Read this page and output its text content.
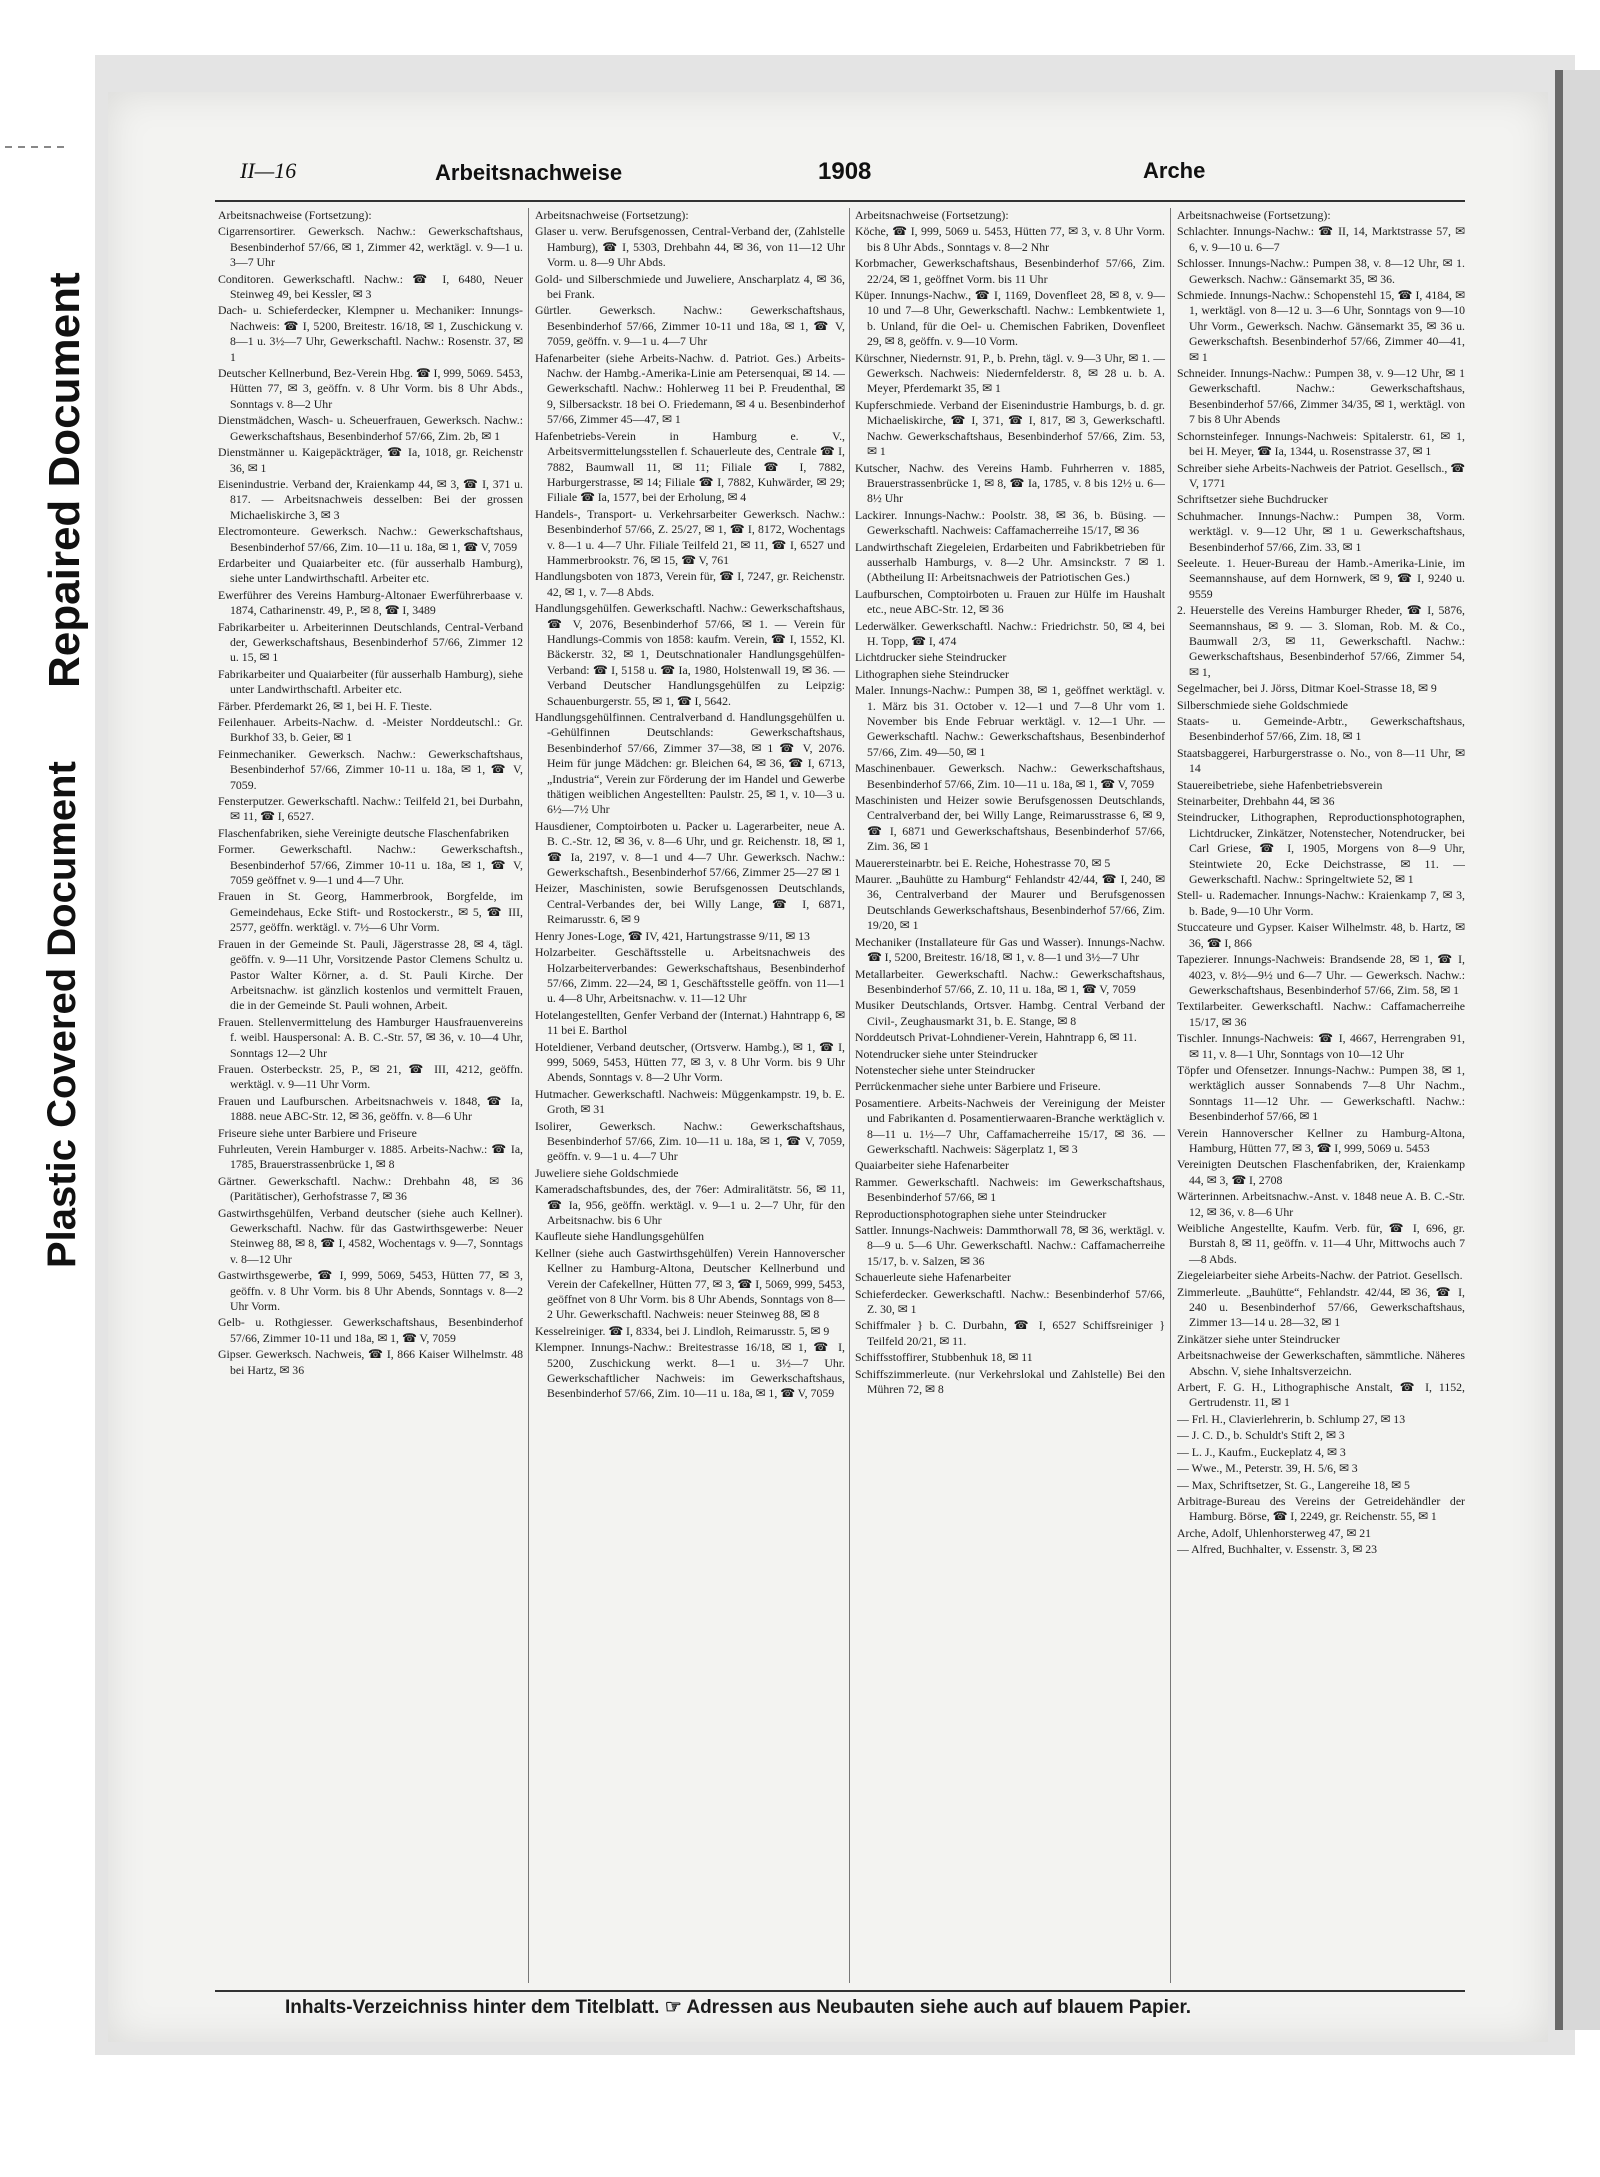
Plastic Covered Document
Repaired Document
II—16	Arbeitsnachweise	1908	Arche

Arbeitsnachweise (Fortsetzung):

Cigarrensortirer. Gewerksch. Nachw.: Gewerkschaftshaus, Besenbinderhof 57/66, ✉ 1, Zimmer 42, werktägl. v. 9—1 u. 3—7 Uhr

Conditoren. Gewerkschaftl. Nachw.: ☎ I, 6480, Neuer Steinweg 49, bei Kessler, ✉ 3

Dach- u. Schieferdecker, Klempner u. Mechaniker: Innungs-Nachweis: ☎ I, 5200, Breitestr. 16/18, ✉ 1, Zuschickung v. 8—1 u. 3½—7 Uhr, Gewerkschaftl. Nachw.: Rosenstr. 37, ✉ 1

Deutscher Kellnerbund, Bez-Verein Hbg. ☎ I, 999, 5069. 5453, Hütten 77, ✉ 3, geöffn. v. 8 Uhr Vorm. bis 8 Uhr Abds., Sonntags v. 8—2 Uhr

Dienstmädchen, Wasch- u. Scheuerfrauen, Gewerksch. Nachw.: Gewerkschaftshaus, Besenbinderhof 57/66, Zim. 2b, ✉ 1

Dienstmänner u. Kaigepäckträger, ☎ Ia, 1018, gr. Reichenstr 36, ✉ 1

Eisenindustrie. Verband der, Kraienkamp 44, ✉ 3, ☎ I, 371 u. 817. — Arbeitsnachweis desselben: Bei der grossen Michaeliskirche 3, ✉ 3

Electromonteure. Gewerksch. Nachw.: Gewerkschaftshaus, Besenbinderhof 57/66, Zim. 10—11 u. 18a, ✉ 1, ☎ V, 7059

Erdarbeiter und Quaiarbeiter etc. (für ausserhalb Hamburg), siehe unter Landwirthschaftl. Arbeiter etc.

Ewerführer des Vereins Hamburg-Altonaer Ewerführerbaase v. 1874, Catharinenstr. 49, P., ✉ 8, ☎ I, 3489

Fabrikarbeiter u. Arbeiterinnen Deutschlands, Central-Verband der, Gewerkschaftshaus, Besenbinderhof 57/66, Zimmer 12 u. 15, ✉ 1

Fabrikarbeiter und Quaiarbeiter (für ausserhalb Hamburg), siehe unter Landwirthschaftl. Arbeiter etc.

Färber. Pferdemarkt 26, ✉ 1, bei H. F. Tieste.

Feilenhauer. Arbeits-Nachw. d. -Meister Norddeutschl.: Gr. Burkhof 33, b. Geier, ✉ 1

Feinmechaniker. Gewerksch. Nachw.: Gewerkschaftshaus, Besenbinderhof 57/66, Zimmer 10-11 u. 18a, ✉ 1, ☎ V, 7059.

Fensterputzer. Gewerkschaftl. Nachw.: Teilfeld 21, bei Durbahn, ✉ 11, ☎ I, 6527.

Flaschenfabriken, siehe Vereinigte deutsche Flaschenfabriken

Former. Gewerkschaftl. Nachw.: Gewerkschaftsh., Besenbinderhof 57/66, Zimmer 10-11 u. 18a, ✉ 1, ☎ V, 7059 geöffnet v. 9—1 und 4—7 Uhr.

Frauen in St. Georg, Hammerbrook, Borgfelde, im Gemeindehaus, Ecke Stift- und Rostockerstr., ✉ 5, ☎ III, 2577, geöffn. werktägl. v. 7½—6 Uhr Vorm.

Frauen in der Gemeinde St. Pauli, Jägerstrasse 28, ✉ 4, tägl. geöffn. v. 9—11 Uhr, Vorsitzende Pastor Clemens Schultz u. Pastor Walter Körner, a. d. St. Pauli Kirche. Der Arbeitsnachw. ist gänzlich kostenlos und vermittelt Frauen, die in der Gemeinde St. Pauli wohnen, Arbeit.

Frauen. Stellenvermittelung des Hamburger Hausfrauenvereins f. weibl. Hauspersonal: A. B. C.-Str. 57, ✉ 36, v. 10—4 Uhr, Sonntags 12—2 Uhr

Frauen. Osterbeckstr. 25, P., ✉ 21, ☎ III, 4212, geöffn. werktägl. v. 9—11 Uhr Vorm.

Frauen und Laufburschen. Arbeitsnachweis v. 1848, ☎ Ia, 1888. neue ABC-Str. 12, ✉ 36, geöffn. v. 8—6 Uhr

Friseure siehe unter Barbiere und Friseure

Fuhrleuten, Verein Hamburger v. 1885. Arbeits-Nachw.: ☎ Ia, 1785, Brauerstrassenbrücke 1, ✉ 8

Gärtner. Gewerkschaftl. Nachw.: Drehbahn 48, ✉ 36 (Paritätischer), Gerhofstrasse 7, ✉ 36

Gastwirthsgehülfen, Verband deutscher (siehe auch Kellner). Gewerkschaftl. Nachw. für das Gastwirthsgewerbe: Neuer Steinweg 88, ✉ 8, ☎ I, 4582, Wochentags v. 9—7, Sonntags v. 8—12 Uhr

Gastwirthsgewerbe, ☎ I, 999, 5069, 5453, Hütten 77, ✉ 3, geöffn. v. 8 Uhr Vorm. bis 8 Uhr Abends, Sonntags v. 8—2 Uhr Vorm.

Gelb- u. Rothgiesser. Gewerkschaftshaus, Besenbinderhof 57/66, Zimmer 10-11 und 18a, ✉ 1, ☎ V, 7059

Gipser. Gewerksch. Nachweis, ☎ I, 866 Kaiser Wilhelmstr. 48 bei Hartz, ✉ 36

Arbeitsnachweise (Fortsetzung):

Glaser u. verw. Berufsgenossen, Central-Verband der, (Zahlstelle Hamburg), ☎ I, 5303, Drehbahn 44, ✉ 36, von 11—12 Uhr Vorm. u. 8—9 Uhr Abds.

Gold- und Silberschmiede und Juweliere, Anscharplatz 4, ✉ 36, bei Frank.

Gürtler. Gewerksch. Nachw.: Gewerkschaftshaus, Besenbinderhof 57/66, Zimmer 10-11 und 18a, ✉ 1, ☎ V, 7059, geöffn. v. 9—1 u. 4—7 Uhr

Hafenarbeiter (siehe Arbeits-Nachw. d. Patriot. Ges.) Arbeits-Nachw. der Hambg.-Amerika-Linie am Petersenquai, ✉ 14. — Gewerkschaftl. Nachw.: Hohlerweg 11 bei P. Freudenthal, ✉ 9, Silbersackstr. 18 bei O. Friedemann, ✉ 4 u. Besenbinderhof 57/66, Zimmer 45—47, ✉ 1

Hafenbetriebs-Verein in Hamburg e. V., Arbeitsvermittelungsstellen f. Schauerleute des, Centrale ☎ I, 7882, Baumwall 11, ✉ 11; Filiale ☎ I, 7882, Harburgerstrasse, ✉ 14; Filiale ☎ I, 7882, Kuhwärder, ✉ 29; Filiale ☎ Ia, 1577, bei der Erholung, ✉ 4

Handels-, Transport- u. Verkehrsarbeiter Gewerksch. Nachw.: Besenbinderhof 57/66, Z. 25/27, ✉ 1, ☎ I, 8172, Wochentags v. 8—1 u. 4—7 Uhr. Filiale Teilfeld 21, ✉ 11, ☎ I, 6527 und Hammerbrookstr. 76, ✉ 15, ☎ V, 761

Handlungsboten von 1873, Verein für, ☎ I, 7247, gr. Reichenstr. 42, ✉ 1, v. 7—8 Abds.

Handlungsgehülfen. Gewerkschaftl. Nachw.: Gewerkschaftshaus, ☎ V, 2076, Besenbinderhof 57/66, ✉ 1. — Verein für Handlungs-Commis von 1858: kaufm. Verein, ☎ I, 1552, Kl. Bäckerstr. 32, ✉ 1, Deutschnationaler Handlungsgehülfen-Verband: ☎ I, 5158 u. ☎ Ia, 1980, Holstenwall 19, ✉ 36. — Verband Deutscher Handlungsgehülfen zu Leipzig: Schauenburgerstr. 55, ✉ 1, ☎ I, 5642.

Handlungsgehülfinnen. Centralverband d. Handlungsgehülfen u. -Gehülfinnen Deutschlands: Gewerkschaftshaus, Besenbinderhof 57/66, Zimmer 37—38, ✉ 1 ☎ V, 2076. Heim für junge Mädchen: gr. Bleichen 64, ✉ 36, ☎ I, 6713, „Industria“, Verein zur Förderung der im Handel und Gewerbe thätigen weiblichen Angestellten: Paulstr. 25, ✉ 1, v. 10—3 u. 6½—7½ Uhr

Hausdiener, Comptoirboten u. Packer u. Lagerarbeiter, neue A. B. C.-Str. 12, ✉ 36, v. 8—6 Uhr, und gr. Reichenstr. 18, ✉ 1, ☎ Ia, 2197, v. 8—1 und 4—7 Uhr. Gewerksch. Nachw.: Gewerkschaftsh., Besenbinderhof 57/66, Zimmer 25—27 ✉ 1

Heizer, Maschinisten, sowie Berufsgenossen Deutschlands, Central-Verbandes der, bei Willy Lange, ☎ I, 6871, Reimarusstr. 6, ✉ 9

Henry Jones-Loge, ☎ IV, 421, Hartungstrasse 9/11, ✉ 13

Holzarbeiter. Geschäftsstelle u. Arbeitsnachweis des Holzarbeiterverbandes: Gewerkschaftshaus, Besenbinderhof 57/66, Zimm. 22—24, ✉ 1, Geschäftsstelle geöffn. von 11—1 u. 4—8 Uhr, Arbeitsnachw. v. 11—12 Uhr

Hotelangestellten, Genfer Verband der (Internat.) Hahntrapp 6, ✉ 11 bei E. Barthol

Hoteldiener, Verband deutscher, (Ortsverw. Hambg.), ✉ 1, ☎ I, 999, 5069, 5453, Hütten 77, ✉ 3, v. 8 Uhr Vorm. bis 9 Uhr Abends, Sonntags v. 8—2 Uhr Vorm.

Hutmacher. Gewerkschaftl. Nachweis: Müggenkampstr. 19, b. E. Groth, ✉ 31

Isolirer, Gewerksch. Nachw.: Gewerkschaftshaus, Besenbinderhof 57/66, Zim. 10—11 u. 18a, ✉ 1, ☎ V, 7059, geöffn. v. 9—1 u. 4—7 Uhr

Juweliere siehe Goldschmiede

Kameradschaftsbundes, des, der 76er: Admiralitätstr. 56, ✉ 11, ☎ Ia, 956, geöffn. werktägl. v. 9—1 u. 2—7 Uhr, für den Arbeitsnachw. bis 6 Uhr

Kaufleute siehe Handlungsgehülfen

Kellner (siehe auch Gastwirthsgehülfen) Verein Hannoverscher Kellner zu Hamburg-Altona, Deutscher Kellnerbund und Verein der Cafekellner, Hütten 77, ✉ 3, ☎ I, 5069, 999, 5453, geöffnet von 8 Uhr Vorm. bis 8 Uhr Abends, Sonntags von 8—2 Uhr. Gewerkschaftl. Nachweis: neuer Steinweg 88, ✉ 8

Kesselreiniger. ☎ I, 8334, bei J. Lindloh, Reimarusstr. 5, ✉ 9

Klempner. Innungs-Nachw.: Breitestrasse 16/18, ✉ 1, ☎ I, 5200, Zuschickung werkt. 8—1 u. 3½—7 Uhr. Gewerkschaftlicher Nachweis: im Gewerkschaftshaus, Besenbinderhof 57/66, Zim. 10—11 u. 18a, ✉ 1, ☎ V, 7059

Arbeitsnachweise (Fortsetzung):

Köche, ☎ I, 999, 5069 u. 5453, Hütten 77, ✉ 3, v. 8 Uhr Vorm. bis 8 Uhr Abds., Sonntags v. 8—2 Nhr

Korbmacher, Gewerkschaftshaus, Besenbinderhof 57/66, Zim. 22/24, ✉ 1, geöffnet Vorm. bis 11 Uhr

Küper. Innungs-Nachw., ☎ I, 1169, Dovenfleet 28, ✉ 8, v. 9—10 und 7—8 Uhr, Gewerkschaftl. Nachw.: Lembkentwiete 1, b. Unland, für die Oel- u. Chemischen Fabriken, Dovenfleet 29, ✉ 8, geöffn. v. 9—10 Vorm.

Kürschner, Niedernstr. 91, P., b. Prehn, tägl. v. 9—3 Uhr, ✉ 1. — Gewerksch. Nachweis: Niedernfelderstr. 8, ✉ 28 u. b. A. Meyer, Pferdemarkt 35, ✉ 1

Kupferschmiede. Verband der Eisenindustrie Hamburgs, b. d. gr. Michaeliskirche, ☎ I, 371, ☎ I, 817, ✉ 3, Gewerkschaftl. Nachw. Gewerkschaftshaus, Besenbinderhof 57/66, Zim. 53, ✉ 1

Kutscher, Nachw. des Vereins Hamb. Fuhrherren v. 1885, Brauerstrassenbrücke 1, ✉ 8, ☎ Ia, 1785, v. 8 bis 12½ u. 6—8½ Uhr

Lackirer. Innungs-Nachw.: Poolstr. 38, ✉ 36, b. Büsing. — Gewerkschaftl. Nachweis: Caffamacherreihe 15/17, ✉ 36

Landwirthschaft Ziegeleien, Erdarbeiten und Fabrikbetrieben für ausserhalb Hamburgs, v. 8—2 Uhr. Amsinckstr. 7 ✉ 1. (Abtheilung II: Arbeitsnachweis der Patriotischen Ges.)

Laufburschen, Comptoirboten u. Frauen zur Hülfe im Haushalt etc., neue ABC-Str. 12, ✉ 36

Lederwälker. Gewerkschaftl. Nachw.: Friedrichstr. 50, ✉ 4, bei H. Topp, ☎ I, 474

Lichtdrucker siehe Steindrucker

Lithographen siehe Steindrucker

Maler. Innungs-Nachw.: Pumpen 38, ✉ 1, geöffnet werktägl. v. 1. März bis 31. October v. 12—1 und 7—8 Uhr vom 1. November bis Ende Februar werktägl. v. 12—1 Uhr. — Gewerkschaftl. Nachw.: Gewerkschaftshaus, Besenbinderhof 57/66, Zim. 49—50, ✉ 1

Maschinenbauer. Gewerksch. Nachw.: Gewerkschaftshaus, Besenbinderhof 57/66, Zim. 10—11 u. 18a, ✉ 1, ☎ V, 7059

Maschinisten und Heizer sowie Berufsgenossen Deutschlands, Centralverband der, bei Willy Lange, Reimarusstrasse 6, ✉ 9, ☎ I, 6871 und Gewerkschaftshaus, Besenbinderhof 57/66, Zim. 36, ✉ 1

Mauerersteinarbtr. bei E. Reiche, Hohestrasse 70, ✉ 5

Maurer. „Bauhütte zu Hamburg“ Fehlandstr 42/44, ☎ I, 240, ✉ 36, Centralverband der Maurer und Berufsgenossen Deutschlands Gewerkschaftshaus, Besenbinderhof 57/66, Zim. 19/20, ✉ 1

Mechaniker (Installateure für Gas und Wasser). Innungs-Nachw. ☎ I, 5200, Breitestr. 16/18, ✉ 1, v. 8—1 und 3½—7 Uhr

Metallarbeiter. Gewerkschaftl. Nachw.: Gewerkschaftshaus, Besenbinderhof 57/66, Z. 10, 11 u. 18a, ✉ 1, ☎ V, 7059

Musiker Deutschlands, Ortsver. Hambg. Central Verband der Civil-, Zeughausmarkt 31, b. E. Stange, ✉ 8

Norddeutsch Privat-Lohndiener-Verein, Hahntrapp 6, ✉ 11.

Notendrucker siehe unter Steindrucker

Notenstecher siehe unter Steindrucker

Perrückenmacher siehe unter Barbiere und Friseure.

Posamentiere. Arbeits-Nachweis der Vereinigung der Meister und Fabrikanten d. Posamentierwaaren-Branche werktäglich v. 8—11 u. 1½—7 Uhr, Caffamacherreihe 15/17, ✉ 36. — Gewerkschaftl. Nachweis: Sägerplatz 1, ✉ 3

Quaiarbeiter siehe Hafenarbeiter

Rammer. Gewerkschaftl. Nachweis: im Gewerkschaftshaus, Besenbinderhof 57/66, ✉ 1

Reproductionsphotographen siehe unter Steindrucker

Sattler. Innungs-Nachweis: Dammthorwall 78, ✉ 36, werktägl. v. 8—9 u. 5—6 Uhr. Gewerkschaftl. Nachw.: Caffamacherreihe 15/17, b. v. Salzen, ✉ 36

Schauerleute siehe Hafenarbeiter

Schieferdecker. Gewerkschaftl. Nachw.: Besenbinderhof 57/66, Z. 30, ✉ 1

Schiffmaler } b. C. Durbahn, ☎ I, 6527 Schiffsreiniger } Teilfeld 20/21, ✉ 11.

Schiffsstoffirer, Stubbenhuk 18, ✉ 11

Schiffszimmerleute. (nur Verkehrslokal und Zahlstelle) Bei den Mühren 72, ✉ 8

Arbeitsnachweise (Fortsetzung):

Schlachter. Innungs-Nachw.: ☎ II, 14, Marktstrasse 57, ✉ 6, v. 9—10 u. 6—7

Schlosser. Innungs-Nachw.: Pumpen 38, v. 8—12 Uhr, ✉ 1. Gewerksch. Nachw.: Gänsemarkt 35, ✉ 36.

Schmiede. Innungs-Nachw.: Schopenstehl 15, ☎ I, 4184, ✉ 1, werktägl. von 8—12 u. 3—6 Uhr, Sonntags von 9—10 Uhr Vorm., Gewerksch. Nachw. Gänsemarkt 35, ✉ 36 u. Gewerkschaftsh. Besenbinderhof 57/66, Zimmer 40—41, ✉ 1

Schneider. Innungs-Nachw.: Pumpen 38, v. 9—12 Uhr, ✉ 1 Gewerkschaftl. Nachw.: Gewerkschaftshaus, Besenbinderhof 57/66, Zimmer 34/35, ✉ 1, werktägl. von 7 bis 8 Uhr Abends

Schornsteinfeger. Innungs-Nachweis: Spitalerstr. 61, ✉ 1, bei H. Meyer, ☎ Ia, 1344, u. Rosenstrasse 37, ✉ 1

Schreiber siehe Arbeits-Nachweis der Patriot. Gesellsch., ☎ V, 1771

Schriftsetzer siehe Buchdrucker

Schuhmacher. Innungs-Nachw.: Pumpen 38, Vorm. werktägl. v. 9—12 Uhr, ✉ 1 u. Gewerkschaftshaus, Besenbinderhof 57/66, Zim. 33, ✉ 1

Seeleute. 1. Heuer-Bureau der Hamb.-Amerika-Linie, im Seemannshause, auf dem Hornwerk, ✉ 9, ☎ I, 9240 u. 9559

2. Heuerstelle des Vereins Hamburger Rheder, ☎ I, 5876, Seemannshaus, ✉ 9. — 3. Sloman, Rob. M. & Co., Baumwall 2/3, ✉ 11, Gewerkschaftl. Nachw.: Gewerkschaftshaus, Besenbinderhof 57/66, Zimmer 54, ✉ 1,

Segelmacher, bei J. Jörss, Ditmar Koel-Strasse 18, ✉ 9

Silberschmiede siehe Goldschmiede

Staats- u. Gemeinde-Arbtr., Gewerkschaftshaus, Besenbinderhof 57/66, Zim. 18, ✉ 1

Staatsbaggerei, Harburgerstrasse o. No., von 8—11 Uhr, ✉ 14

Stauereibetriebe, siehe Hafenbetriebsverein

Steinarbeiter, Drehbahn 44, ✉ 36

Steindrucker, Lithographen, Reproductionsphotographen, Lichtdrucker, Zinkätzer, Notenstecher, Notendrucker, bei Carl Griese, ☎ I, 1905, Morgens von 8—9 Uhr, Steintwiete 20, Ecke Deichstrasse, ✉ 11. — Gewerkschaftl. Nachw.: Springeltwiete 52, ✉ 1

Stell- u. Rademacher. Innungs-Nachw.: Kraienkamp 7, ✉ 3, b. Bade, 9—10 Uhr Vorm.

Stuccateure und Gypser. Kaiser Wilhelmstr. 48, b. Hartz, ✉ 36, ☎ I, 866

Tapezierer. Innungs-Nachweis: Brandsende 28, ✉ 1, ☎ I, 4023, v. 8½—9½ und 6—7 Uhr. — Gewerksch. Nachw.: Gewerkschaftshaus, Besenbinderhof 57/66, Zim. 58, ✉ 1

Textilarbeiter. Gewerkschaftl. Nachw.: Caffamacherreihe 15/17, ✉ 36

Tischler. Innungs-Nachweis: ☎ I, 4667, Herrengraben 91, ✉ 11, v. 8—1 Uhr, Sonntags von 10—12 Uhr

Töpfer und Ofensetzer. Innungs-Nachw.: Pumpen 38, ✉ 1, werktäglich ausser Sonnabends 7—8 Uhr Nachm., Sonntags 11—12 Uhr. — Gewerkschaftl. Nachw.: Besenbinderhof 57/66, ✉ 1

Verein Hannoverscher Kellner zu Hamburg-Altona, Hamburg, Hütten 77, ✉ 3, ☎ I, 999, 5069 u. 5453

Vereinigten Deutschen Flaschenfabriken, der, Kraienkamp 44, ✉ 3, ☎ I, 2708

Wärterinnen. Arbeitsnachw.-Anst. v. 1848 neue A. B. C.-Str. 12, ✉ 36, v. 8—6 Uhr

Weibliche Angestellte, Kaufm. Verb. für, ☎ I, 696, gr. Burstah 8, ✉ 11, geöffn. v. 11—4 Uhr, Mittwochs auch 7—8 Abds.

Ziegeleiarbeiter siehe Arbeits-Nachw. der Patriot. Gesellsch.

Zimmerleute. „Bauhütte“, Fehlandstr. 42/44, ✉ 36, ☎ I, 240 u. Besenbinderhof 57/66, Gewerkschaftshaus, Zimmer 13—14 u. 28—32, ✉ 1

Zinkätzer siehe unter Steindrucker

Arbeitsnachweise der Gewerkschaften, sämmtliche. Näheres Abschn. V, siehe Inhaltsverzeichn.

Arbert, F. G. H., Lithographische Anstalt, ☎ I, 1152, Gertrudenstr. 11, ✉ 1

— Frl. H., Clavierlehrerin, b. Schlump 27, ✉ 13

— J. C. D., b. Schuldt's Stift 2, ✉ 3

— L. J., Kaufm., Euckeplatz 4, ✉ 3

— Wwe., M., Peterstr. 39, H. 5/6, ✉ 3

— Max, Schriftsetzer, St. G., Langereihe 18, ✉ 5

Arbitrage-Bureau des Vereins der Getreidehändler der Hamburg. Börse, ☎ I, 2249, gr. Reichenstr. 55, ✉ 1

Arche, Adolf, Uhlenhorsterweg 47, ✉ 21

— Alfred, Buchhalter, v. Essenstr. 3, ✉ 23

Inhalts-Verzeichniss hinter dem Titelblatt. ☞ Adressen aus Neubauten siehe auch auf blauem Papier.
